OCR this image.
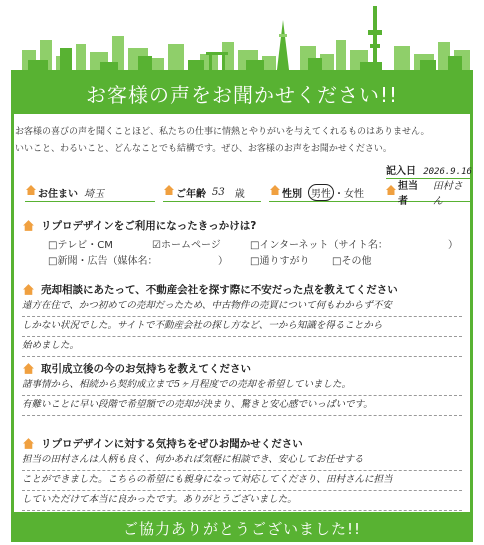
お客様の声をお聞かせください!!
お客様の喜びの声を聞くことほど、私たちの仕事に情熱とやりがいを与えてくれるものはありません。
いいこと、わるいこと、どんなことでも結構です。ぜひ、お客様のお声をお聞かせください。
記入日 2026.9.16
お住まい 埼玉	ご年齢 53 歳	性別 男性 ・ 女性
担当者
田村さん
リプロデザインをご利用になったきっかけは?
□テレビ・CM	☑ホームページ	□インターネット（サイト名：	）
□新聞・広告（媒体名：	） □通りすがり □その他
売却相談にあたって、不動産会社を探す際に不安だった点を教えてください
遠方在住で、かつ初めての売却だったため、中古物件の売買について何もわからず不安
しかない状況でした。サイトで不動産会社の探し方など、一から知識を得ることから
始めました。
取引成立後の今のお気持ちを教えてください
諸事情から、相続から契約成立まで5ヶ月程度での売却を希望していました。
有難いことに早い段階で希望額での売却が決まり、驚きと安心感でいっぱいです。
リプロデザインに対する気持ちをぜひお聞かせください
担当の田村さんは人柄も良く、何かあれば気軽に相談でき、安心してお任せする
ことができました。こちらの希望にも親身になって対応してくださり、田村さんに担当
していただけて本当に良かったです。ありがとうございました。
ご協力ありがとうございました!!
